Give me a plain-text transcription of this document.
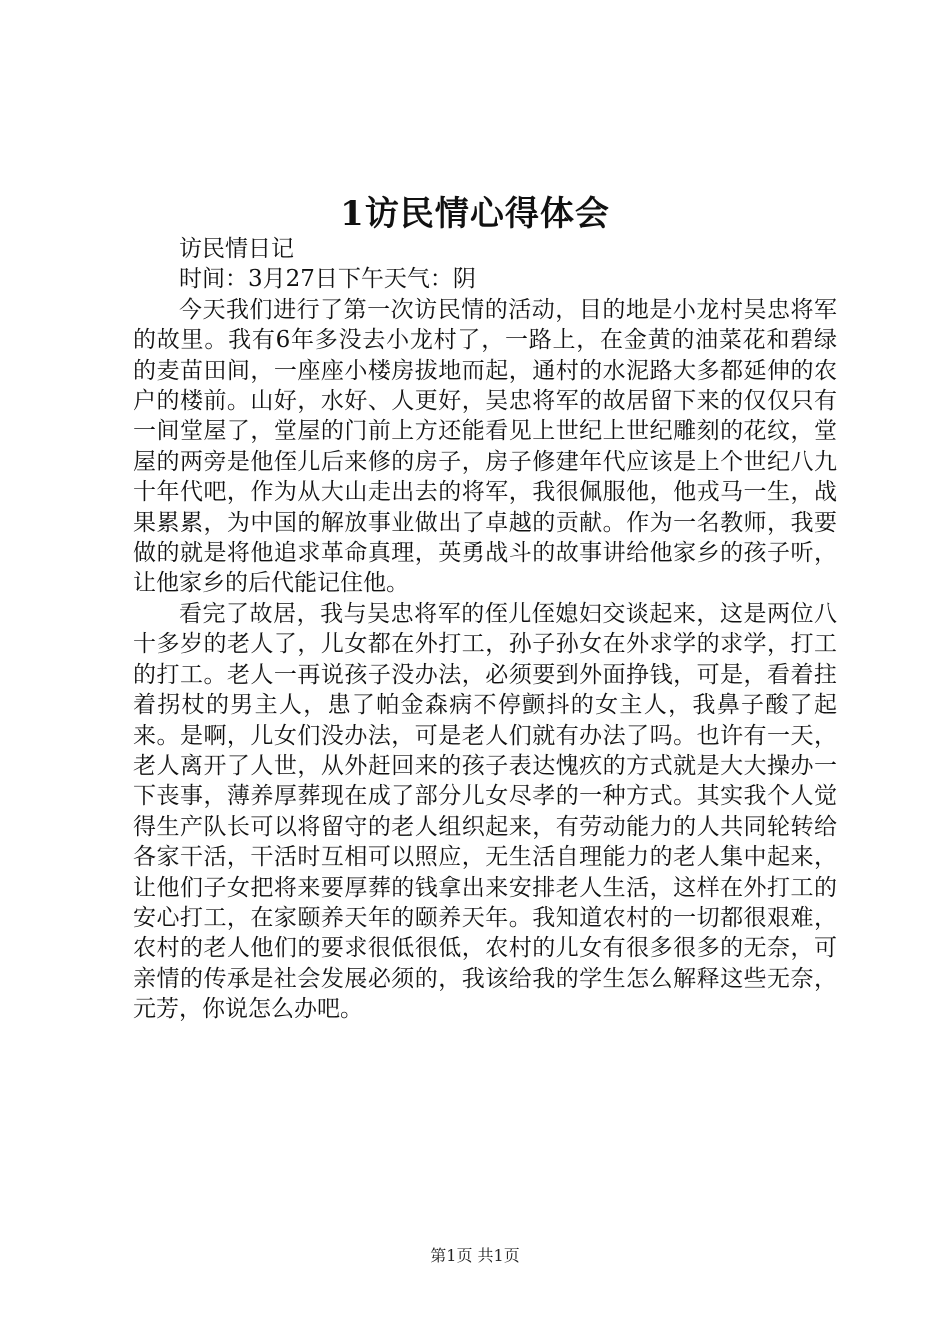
1访民情心得体会

访民情日记

时间：3月27日下午天气：阴

今天我们进行了第一次访民情的活动，目的地是小龙村吴忠将军的故里。我有6年多没去小龙村了，一路上，在金黄的油菜花和碧绿的麦苗田间，一座座小楼房拔地而起，通村的水泥路大多都延伸的农户的楼前。山好，水好、人更好，吴忠将军的故居留下来的仅仅只有一间堂屋了，堂屋的门前上方还能看见上世纪上世纪雕刻的花纹，堂屋的两旁是他侄儿后来修的房子，房子修建年代应该是上个世纪八九十年代吧，作为从大山走出去的将军，我很佩服他，他戎马一生，战果累累，为中国的解放事业做出了卓越的贡献。作为一名教师，我要做的就是将他追求革命真理，英勇战斗的故事讲给他家乡的孩子听，让他家乡的后代能记住他。

看完了故居，我与吴忠将军的侄儿侄媳妇交谈起来，这是两位八十多岁的老人了，儿女都在外打工，孙子孙女在外求学的求学，打工的打工。老人一再说孩子没办法，必须要到外面挣钱，可是，看着拄着拐杖的男主人，患了帕金森病不停颤抖的女主人，我鼻子酸了起来。是啊，儿女们没办法，可是老人们就有办法了吗。也许有一天，老人离开了人世，从外赶回来的孩子表达愧疚的方式就是大大操办一下丧事，薄养厚葬现在成了部分儿女尽孝的一种方式。其实我个人觉得生产队长可以将留守的老人组织起来，有劳动能力的人共同轮转给各家干活，干活时互相可以照应，无生活自理能力的老人集中起来，让他们子女把将来要厚葬的钱拿出来安排老人生活，这样在外打工的安心打工，在家颐养天年的颐养天年。我知道农村的一切都很艰难，农村的老人他们的要求很低很低，农村的儿女有很多很多的无奈，可亲情的传承是社会发展必须的，我该给我的学生怎么解释这些无奈，元芳，你说怎么办吧。

第1页 共1页
